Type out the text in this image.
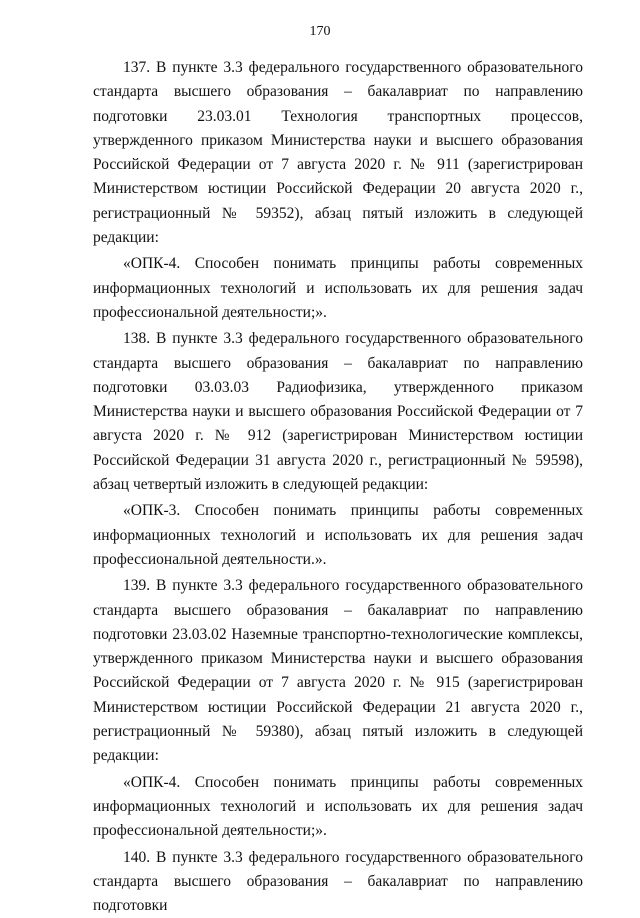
170

137. В пункте 3.3 федерального государственного образовательного стандарта высшего образования – бакалавриат по направлению подготовки 23.03.01 Технология транспортных процессов, утвержденного приказом Министерства науки и высшего образования Российской Федерации от 7 августа 2020 г. № 911 (зарегистрирован Министерством юстиции Российской Федерации 20 августа 2020 г., регистрационный № 59352), абзац пятый изложить в следующей редакции:

«ОПК-4. Способен понимать принципы работы современных информационных технологий и использовать их для решения задач профессиональной деятельности;».

138. В пункте 3.3 федерального государственного образовательного стандарта высшего образования – бакалавриат по направлению подготовки 03.03.03 Радиофизика, утвержденного приказом Министерства науки и высшего образования Российской Федерации от 7 августа 2020 г. № 912 (зарегистрирован Министерством юстиции Российской Федерации 31 августа 2020 г., регистрационный № 59598), абзац четвертый изложить в следующей редакции:

«ОПК-3. Способен понимать принципы работы современных информационных технологий и использовать их для решения задач профессиональной деятельности.».

139. В пункте 3.3 федерального государственного образовательного стандарта высшего образования – бакалавриат по направлению подготовки 23.03.02 Наземные транспортно-технологические комплексы, утвержденного приказом Министерства науки и высшего образования Российской Федерации от 7 августа 2020 г. № 915 (зарегистрирован Министерством юстиции Российской Федерации 21 августа 2020 г., регистрационный № 59380), абзац пятый изложить в следующей редакции:

«ОПК-4. Способен понимать принципы работы современных информационных технологий и использовать их для решения задач профессиональной деятельности;».

140. В пункте 3.3 федерального государственного образовательного стандарта высшего образования – бакалавриат по направлению подготовки
